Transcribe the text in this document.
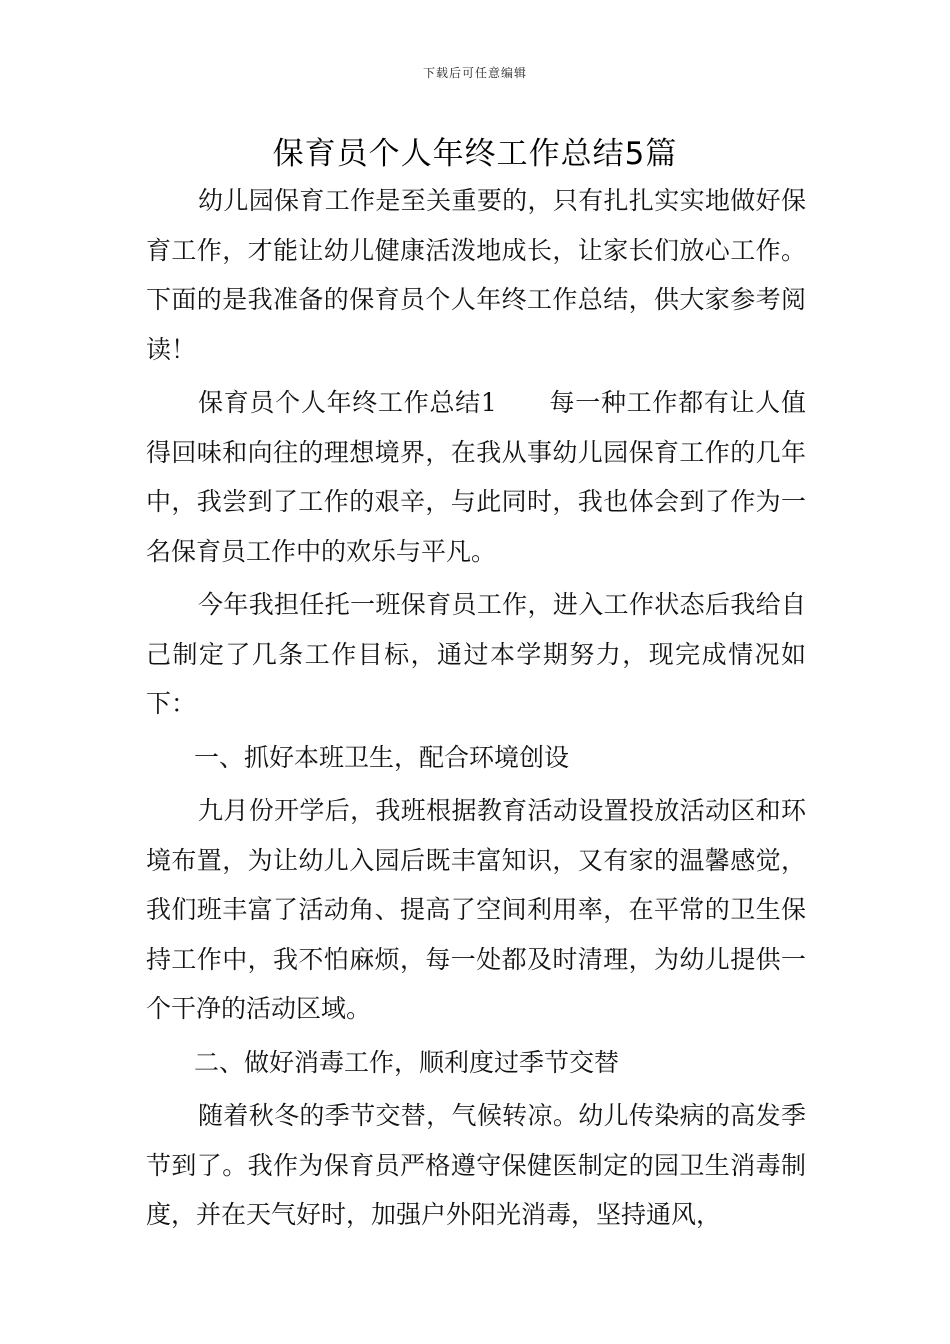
下载后可任意编辑
保育员个人年终工作总结5篇

幼儿园保育工作是至关重要的，只有扎扎实实地做好保育工作，才能让幼儿健康活泼地成长，让家长们放心工作。下面的是我准备的保育员个人年终工作总结，供大家参考阅读！

保育员个人年终工作总结1 每一种工作都有让人值得回味和向往的理想境界，在我从事幼儿园保育工作的几年中，我尝到了工作的艰辛，与此同时，我也体会到了作为一名保育员工作中的欢乐与平凡。

今年我担任托一班保育员工作，进入工作状态后我给自己制定了几条工作目标，通过本学期努力，现完成情况如下：

一、抓好本班卫生，配合环境创设

九月份开学后，我班根据教育活动设置投放活动区和环境布置，为让幼儿入园后既丰富知识，又有家的温馨感觉，我们班丰富了活动角、提高了空间利用率，在平常的卫生保持工作中，我不怕麻烦，每一处都及时清理，为幼儿提供一个干净的活动区域。

二、做好消毒工作，顺利度过季节交替

随着秋冬的季节交替，气候转凉。幼儿传染病的高发季节到了。我作为保育员严格遵守保健医制定的园卫生消毒制度，并在天气好时，加强户外阳光消毒，坚持通风，
